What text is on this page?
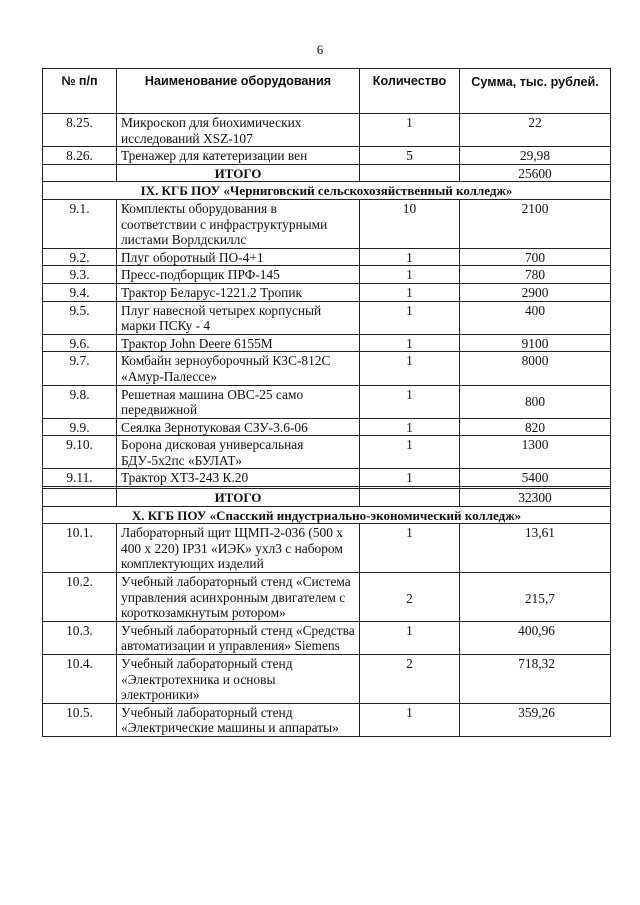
6
№ п/п	Наименование оборудования	Количество	Сумма, тыс. рублей.
8.25.	Микроскоп для биохимических исследований XSZ-107	1	22
8.26.	Тренажер для катетеризации вен	5	29,98
	ИТОГО		25600
IX. КГБ ПОУ «Черниговский сельскохозяйственный колледж»			
9.1.	Комплекты оборудования в соответствии с инфраструктурными листами Ворлдскиллс	10	2100
9.2.	Плуг оборотный ПО-4+1	1	700
9.3.	Пресс-подборщик ПРФ-145	1	780
9.4.	Трактор Беларус-1221.2 Тропик	1	2900
9.5.	Плуг навесной четырех корпусный марки ПСКу - 4	1	400
9.6.	Трактор John Deere 6155M	1	9100
9.7.	Комбайн зерноуборочный КЗС-812С «Амур-Палессе»	1	8000
9.8.	Решетная машина ОВС-25 само передвижной	1	800
9.9.	Сеялка Зернотуковая СЗУ-3.6-06	1	820
9.10.	Борона дисковая универсальная БДУ-5х2пс «БУЛАТ»	1	1300
9.11.	Трактор ХТЗ-243 К.20	1	5400

	ИТОГО		32300
X. КГБ ПОУ «Спасский индустриально-экономический колледж»			
10.1.	Лабораторный щит ЩМП-2-036 (500 х 400 х 220) IP31 «ИЭК» ухл3 с набором комплектующих изделий	1	13,61
10.2.	Учебный лабораторный стенд «Система управления асинхронным двигателем с короткозамкнутым ротором»	2	215,7
10.3.	Учебный лабораторный стенд «Средства автоматизации и управления» Siemens	1	400,96
10.4.	Учебный лабораторный стенд «Электротехника и основы электроники»	2	718,32
10.5.	Учебный лабораторный стенд «Электрические машины и аппараты»	1	359,26
